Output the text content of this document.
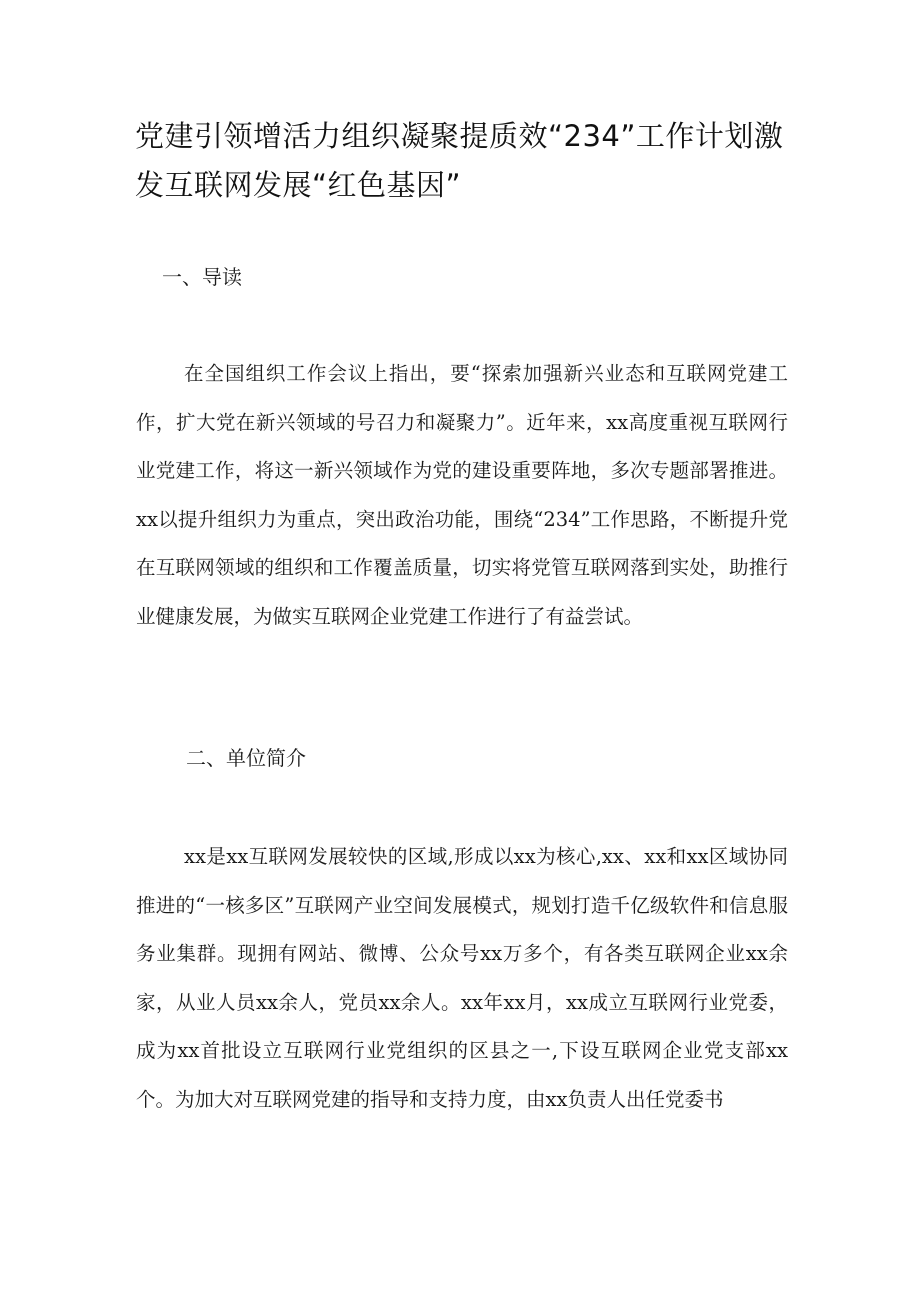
党建引领增活力组织凝聚提质效“234”工作计划激发互联网发展“红色基因”
一、导读

在全国组织工作会议上指出，要“探索加强新兴业态和互联网党建工作，扩大党在新兴领域的号召力和凝聚力”。近年来，xx高度重视互联网行业党建工作，将这一新兴领域作为党的建设重要阵地，多次专题部署推进。xx以提升组织力为重点，突出政治功能，围绕“234”工作思路，不断提升党在互联网领域的组织和工作覆盖质量，切实将党管互联网落到实处，助推行业健康发展，为做实互联网企业党建工作进行了有益尝试。

二、单位简介

xx是xx互联网发展较快的区域,形成以xx为核心,xx、xx和xx区域协同推进的“一核多区”互联网产业空间发展模式，规划打造千亿级软件和信息服务业集群。现拥有网站、微博、公众号xx万多个，有各类互联网企业xx余家，从业人员xx余人，党员xx余人。xx年xx月，xx成立互联网行业党委，成为xx首批设立互联网行业党组织的区县之一,下设互联网企业党支部xx个。为加大对互联网党建的指导和支持力度，由xx负责人出任党委书
